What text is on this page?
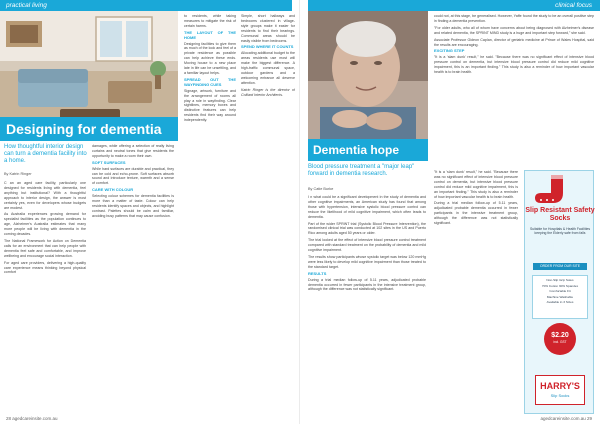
practical living
Designing for dementia
How thoughtful interior design can turn a dementia facility into a home.
By Katrin Ringer

C an an aged care facility, particularly one designed for residents living with dementia, feel anything but institutional? With a thoughtful approach to interior design, the answer is most certainly yes, even for developers whose budgets are modest.

As Australia experiences growing demand for specialist facilities as the population continues to age, Alzheimer's Australia estimates that many more people will be living with dementia in the coming decades.

The National Framework for Action on Dementia calls for an environment that can help people with dementia feel safe and comfortable, and improve wellbeing and encourage social interaction.

For aged care providers, delivering a high-quality care experience means thinking beyond physical comfort

damages, while offering a selection of really living curtains and neutral tones that give residents the opportunity to make a room their own.

SOFT SURFACES

While hard surfaces are durable and practical, they can be cold and echo-prone. Soft surfaces absorb sound and introduce texture, warmth and a sense of comfort.

CARE WITH COLOUR

Selecting colour schemes for dementia facilities is more than a matter of taste. Colour can help residents identify spaces and objects, and highlight contrast. Palettes should be calm and familiar, avoiding busy patterns that may cause confusion.

to residents, while taking measures to mitigate the risk of certain harms.

THE LAYOUT OF THE HOME

Designing facilities to give them as much of the look and feel of a private residence as possible can help achieve these ends. Moving house to a new place late in life can be unsettling, and a familiar layout helps.

SPREAD OUT THE WAYFINDING CUES

Signage, artwork, furniture and the arrangement of rooms all play a role in wayfinding. Clear sightlines, memory boxes and distinctive features can help residents find their way around independently.

Simple, short hallways and bedrooms clustered in village-style groups make it easier for residents to find their bearings. Communal areas should be easily visible from bedrooms.

SPEND WHERE IT COUNTS

Allocating additional budget to the areas residents use most will make the biggest difference. A high-traffic communal space, outdoor gardens and a welcoming entrance all deserve attention.

Katrin Ringer is the director of Colliard Interior Architects.

28 agedcareinsite.com.au
clinical focus
Dementia hope
Blood pressure treatment a "major leap" forward in dementia research.
By Catie Burke

I n what could be a significant development in the study of dementia and other cognitive impairments, an American study has found that among those with hypertension, intensive systolic blood pressure control can reduce the likelihood of mild cognitive impairment, which often leads to dementia.

Part of the wider SPRINT trial (Systolic Blood Pressure Intervention), the randomised clinical trial was conducted at 102 sites in the US and Puerto Rico among adults aged 50 years or older.

The trial looked at the effect of intensive blood pressure control treatment compared with standard treatment on the probability of dementia and mild cognitive impairment.

The results show participants whose systolic target was below 120 mmHg were less likely to develop mild cognitive impairment than those treated to the standard target.

RESULTS

During a trial median follow-up of 5.11 years, adjudicated probable dementia occurred in fewer participants in the intensive treatment group, although the difference was not statistically significant.

could not, at this stage, be generalised. However, Yaffe found the study to be an overall positive step in finding a dementia prevention.

"For older adults, who all of whom have concerns about being diagnosed with Alzheimer's disease and related dementia, the SPRINT MIND study is a huge and important step forward," she said.

Associate Professor Gideon Caplan, director of geriatric medicine at Prince of Wales Hospital, said the results are encouraging.

EXCITING STEP

"It is a 'slam dunk' result," he said. "Because there was no significant effect of intensive blood pressure control on dementia, but intensive blood pressure control did reduce mild cognitive impairment, this is an important finding." This study is also a reminder of how important vascular health is to brain health.

"It is a 'slam dunk' result," he said. "Because there was no significant effect of intensive blood pressure control on dementia, but intensive blood pressure control did reduce mild cognitive impairment, this is an important finding." This study is also a reminder of how important vascular health is to brain health.

During a trial median follow-up of 5.11 years, adjudicated probable dementia occurred in fewer participants in the intensive treatment group, although the difference was not statistically significant.

agedcareinsite.com.au 29
Slip Resistant Safety Socks
Suitable for Hospitals & Health Facilities keeping the Elderly safe from falls
ORDER FROM OUR SITE
Non-Slip Grip Soles
70% Cotton 30% Spandex
Comfortable Fit
Machine Washable
Available in 3 Sizes
$2.20
incl. GST
HARRY'S
Slip Socks
